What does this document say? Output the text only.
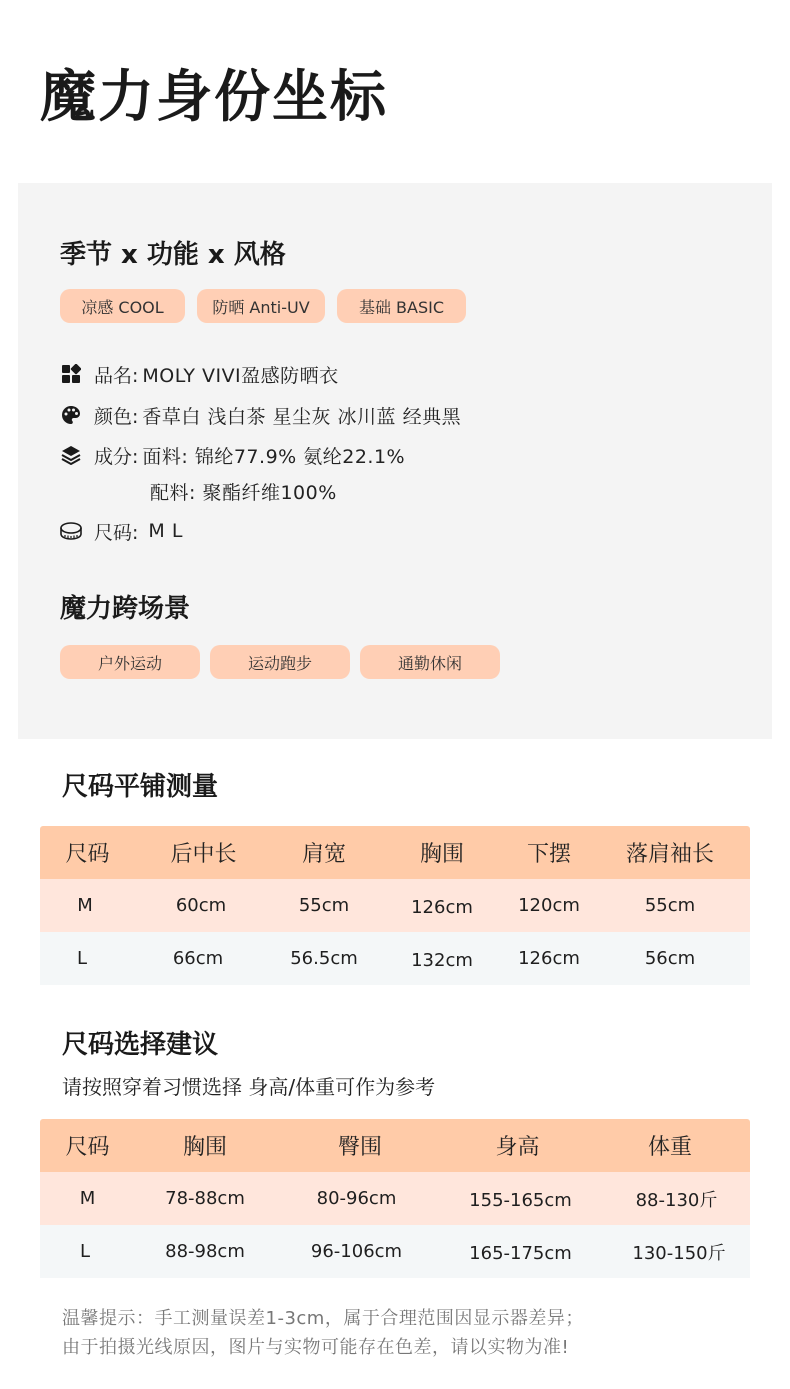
魔力身份坐标
季节 x 功能 x 风格
凉感 COOL	防晒 Anti-UV	基础 BASIC
品名: MOLY VIVI盈感防晒衣
颜色: 香草白 浅白茶 星尘灰 冰川蓝 经典黑
成分: 面料: 锦纶77.9% 氨纶22.1%
配料: 聚酯纤维100%
尺码: M L
魔力跨场景
户外运动	运动跑步	通勤休闲
尺码平铺测量
尺码	后中长	肩宽	胸围	下摆	落肩袖长
M	60cm	55cm	126cm	120cm	55cm
L	66cm	56.5cm	132cm	126cm	56cm
尺码选择建议
请按照穿着习惯选择 身高/体重可作为参考
尺码	胸围	臀围	身高	体重
M	78-88cm	80-96cm	155-165cm	88-130斤
L	88-98cm	96-106cm	165-175cm	130-150斤
温馨提示：手工测量误差1-3cm，属于合理范围因显示器差异；
由于拍摄光线原因，图片与实物可能存在色差，请以实物为准!
